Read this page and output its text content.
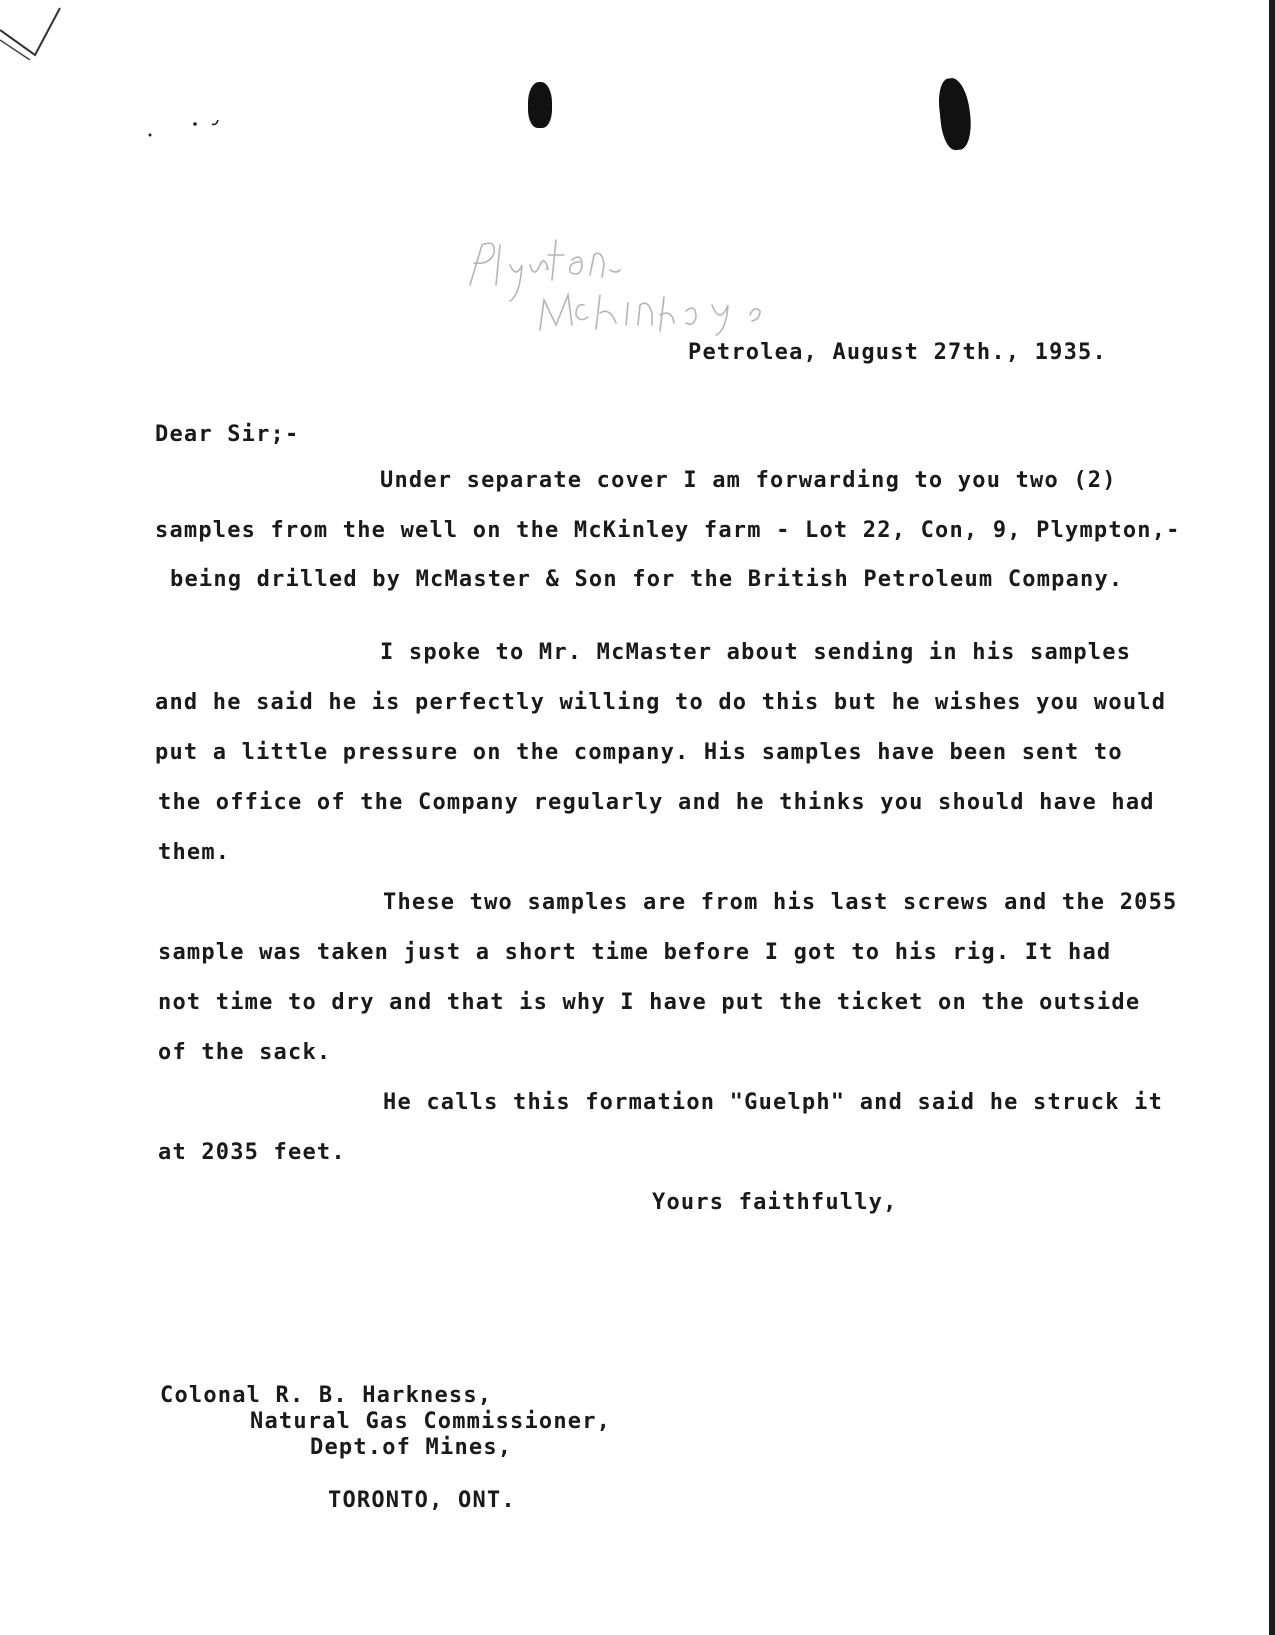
Petrolea, August 27th., 1935.
Dear Sir;-
Under separate cover I am forwarding to you two (2)
samples from the well on the McKinley farm - Lot 22, Con, 9, Plympton,-
being drilled by McMaster & Son for the British Petroleum Company.
I spoke to Mr. McMaster about sending in his samples
and he said he is perfectly willing to do this but he wishes you would
put a little pressure on the company. His samples have been sent to
the office of the Company regularly and he thinks you should have had
them.
These two samples are from his last screws and the 2055
sample was taken just a short time before I got to his rig. It had
not time to dry and that is why I have put the ticket on the outside
of the sack.
He calls this formation "Guelph" and said he struck it
at 2035 feet.
Yours faithfully,
Colonal R. B. Harkness,
Natural Gas Commissioner,
Dept.of Mines,
TORONTO, ONT.
